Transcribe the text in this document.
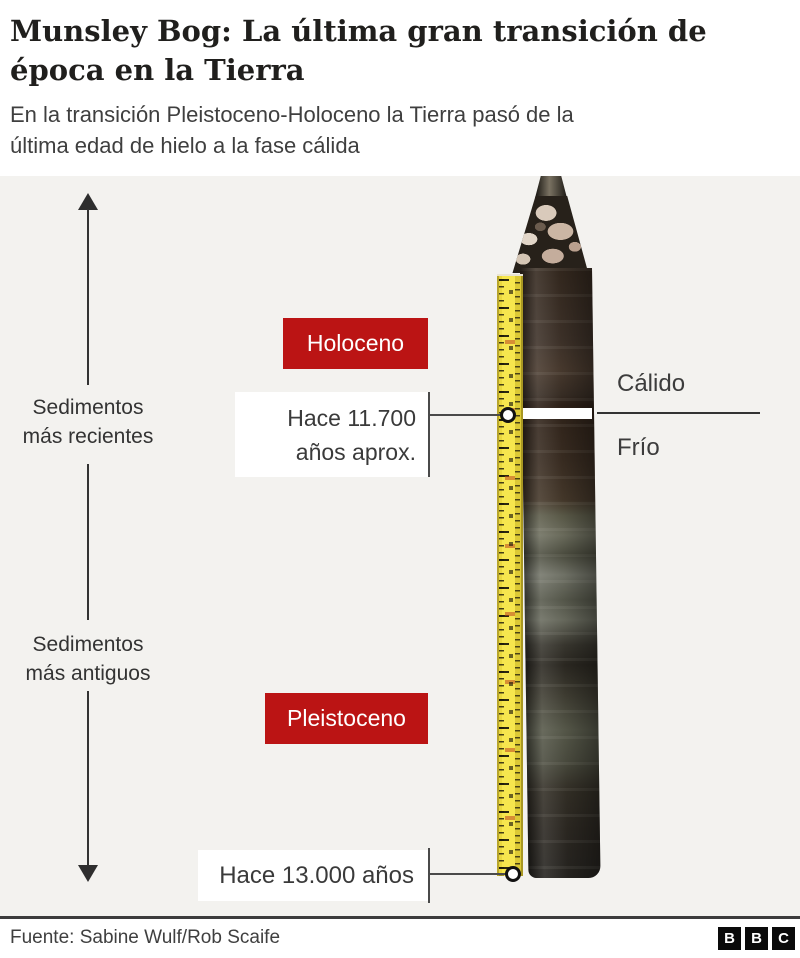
Munsley Bog: La última gran transición de
época en la Tierra
En la transición Pleistoceno-Holoceno la Tierra pasó de la
última edad de hielo a la fase cálida
Sedimentos
más recientes
Sedimentos
más antiguos
Holoceno
Pleistoceno
Hace 11.700
años aprox.
Hace 13.000 años
Cálido
Frío
Fuente: Sabine Wulf/Rob Scaife	B	B	C
